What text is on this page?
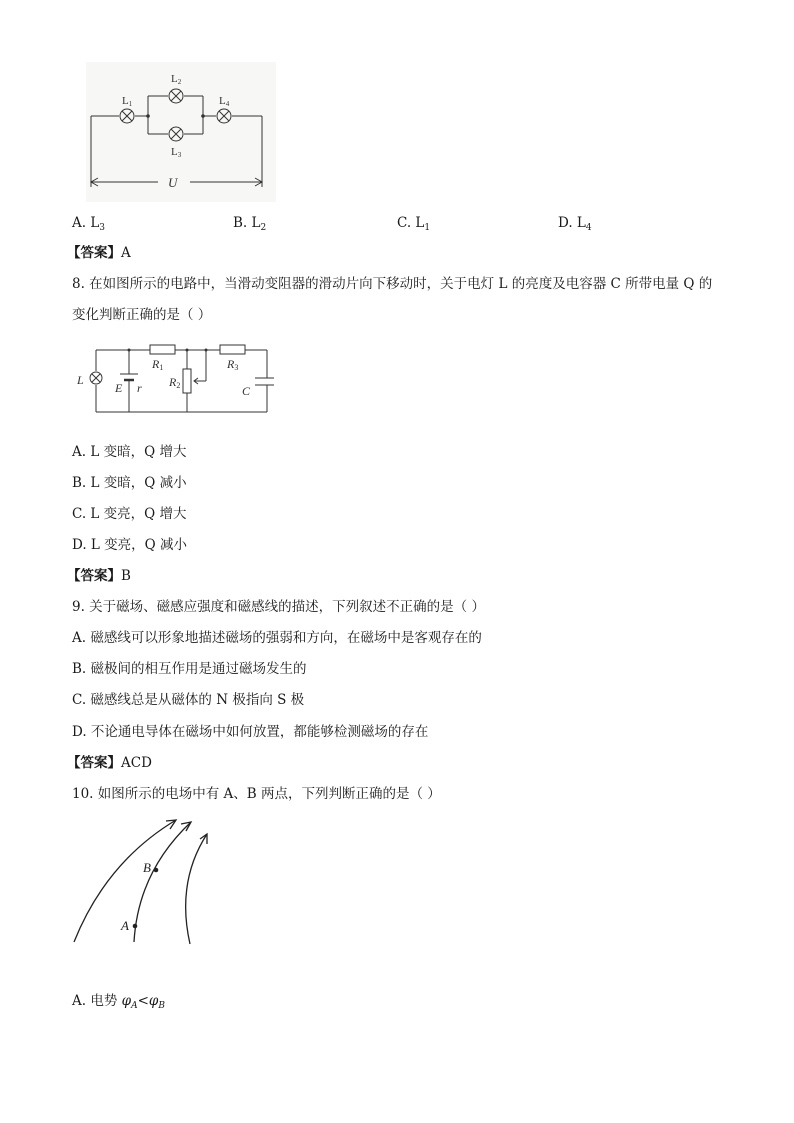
L1
L2
L3
L4
U
A. $L_3$	B. $L_2$	C. $L_1$	D. $L_4$
【答案】A
8. 在如图所示的电路中，当滑动变阻器的滑动片向下移动时，关于电灯 L 的亮度及电容器 C 所带电量 Q 的
变化判断正确的是（ ）
L
E r
R1
R2
R3
C
A. L 变暗，Q 增大
B. L 变暗，Q 减小
C. L 变亮，Q 增大
D. L 变亮，Q 减小
【答案】B
9. 关于磁场、磁感应强度和磁感线的描述，下列叙述不正确的是（ ）
A. 磁感线可以形象地描述磁场的强弱和方向，在磁场中是客观存在的
B. 磁极间的相互作用是通过磁场发生的
C. 磁感线总是从磁体的 N 极指向 S 极
D. 不论通电导体在磁场中如何放置，都能够检测磁场的存在
【答案】ACD
10. 如图所示的电场中有 A、B 两点，下列判断正确的是（ ）
B
A
A. 电势 $\varphi_A<\varphi_B$
